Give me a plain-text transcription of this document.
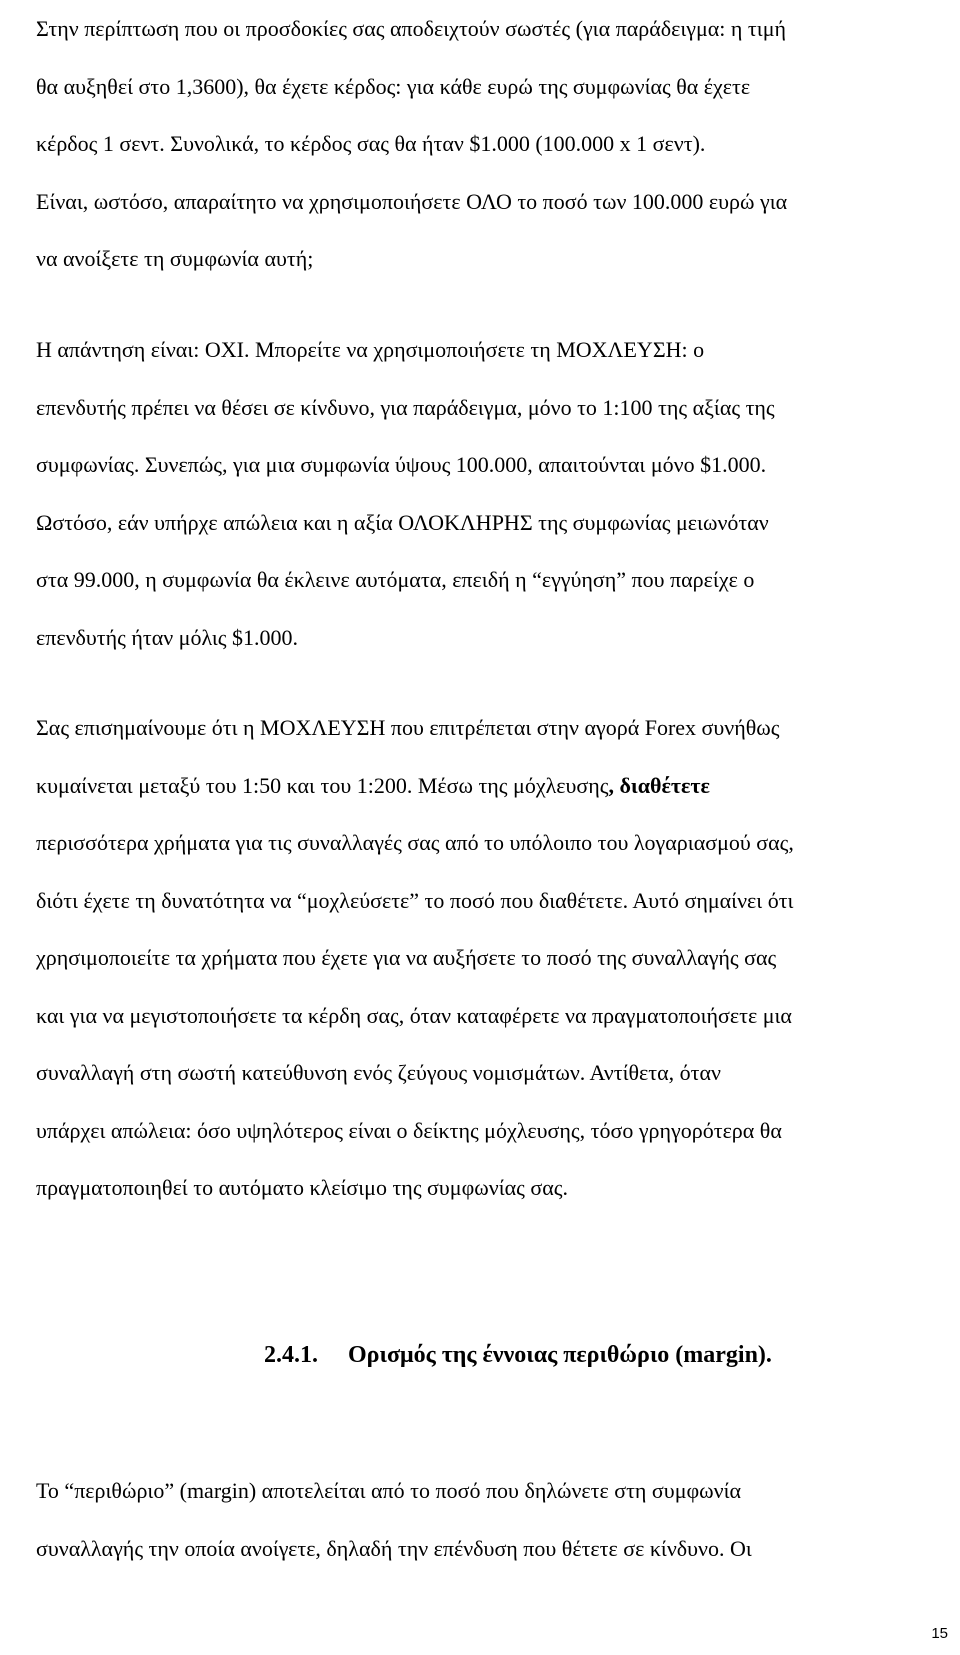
Στην περίπτωση που οι προσδοκίες σας αποδειχτούν σωστές (για παράδειγμα: η τιμή
θα αυξηθεί στο 1,3600), θα έχετε κέρδος: για κάθε ευρώ της συμφωνίας θα έχετε
κέρδος 1 σεντ. Συνολικά, το κέρδος σας θα ήταν $1.000 (100.000 x 1 σεντ).
Είναι, ωστόσο, απαραίτητο να χρησιμοποιήσετε ΟΛΟ το ποσό των 100.000 ευρώ για
να ανοίξετε τη συμφωνία αυτή;
Η απάντηση είναι: ΟΧΙ. Μπορείτε να χρησιμοποιήσετε τη ΜΟΧΛΕΥΣΗ: ο
επενδυτής πρέπει να θέσει σε κίνδυνο, για παράδειγμα, μόνο το 1:100 της αξίας της
συμφωνίας. Συνεπώς, για μια συμφωνία ύψους 100.000, απαιτούνται μόνο $1.000.
Ωστόσο, εάν υπήρχε απώλεια και η αξία ΟΛΟΚΛΗΡΗΣ της συμφωνίας μειωνόταν
στα 99.000, η συμφωνία θα έκλεινε αυτόματα, επειδή η “εγγύηση” που παρείχε ο
επενδυτής ήταν μόλις $1.000.
Σας επισημαίνουμε ότι η ΜΟΧΛΕΥΣΗ που επιτρέπεται στην αγορά Forex συνήθως
κυμαίνεται μεταξύ του 1:50 και του 1:200. Μέσω της μόχλευσης, διαθέτετε
περισσότερα χρήματα για τις συναλλαγές σας από το υπόλοιπο του λογαριασμού σας,
διότι έχετε τη δυνατότητα να “μοχλεύσετε” το ποσό που διαθέτετε. Αυτό σημαίνει ότι
χρησιμοποιείτε τα χρήματα που έχετε για να αυξήσετε το ποσό της συναλλαγής σας
και για να μεγιστοποιήσετε τα κέρδη σας, όταν καταφέρετε να πραγματοποιήσετε μια
συναλλαγή στη σωστή κατεύθυνση ενός ζεύγους νομισμάτων. Αντίθετα, όταν
υπάρχει απώλεια: όσο υψηλότερος είναι ο δείκτης μόχλευσης, τόσο γρηγορότερα θα
πραγματοποιηθεί το αυτόματο κλείσιμο της συμφωνίας σας.
2.4.1. Ορισμός της έννοιας περιθώριο (margin).
Το “περιθώριο” (margin) αποτελείται από το ποσό που δηλώνετε στη συμφωνία
συναλλαγής την οποία ανοίγετε, δηλαδή την επένδυση που θέτετε σε κίνδυνο. Οι
15
